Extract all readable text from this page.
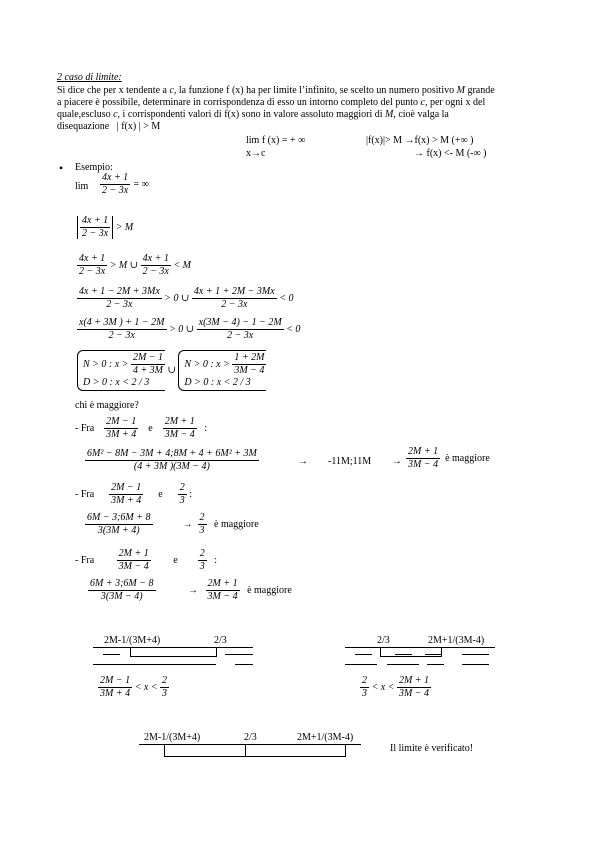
2 caso di limite:
Si dice che per x tendente a c, la funzione f (x) ha per limite l’infinito, se scelto un numero positivo M grande
a piacere è possibile, determinare in corrispondenza di esso un intorno completo del punto c, per ogni x del
quale,escluso c, i corrispondenti valori di f(x) sono in valore assoluto maggiori di M, cioè valga la
disequazione | f(x) | > M
lim f (x) = + ∞
x→c
|f(x)|> M →f(x) > M (+∞ )
→ f(x) <- M (-∞ )
• Esempio:
$\lim \frac{4x + 1}{2 - 3x}$ = ∞
$\frac{4x + 1}{2 - 3x} > M$
$\frac{4x + 1}{2 - 3x} > M$ ∪ $\frac{4x + 1}{2 - 3x} < M$
$\frac{4x + 1 - 2M + 3Mx}{2 - 3x} > 0$ ∪ $\frac{4x + 1 + 2M - 3Mx}{2 - 3x} < 0$
$\frac{x(4 + 3M ) + 1 - 2M}{2 - 3x} > 0$ ∪ $\frac{x(3M - 4) - 1 - 2M}{2 - 3x} < 0$
N > 0 : $x > \frac{2M - 1}{4 + 3M}$
D > 0 : x < 2 / 3
∪
N > 0 : $x > \frac{1 + 2M}{3M - 4}$
D > 0 : x < 2 / 3
chi è maggiore?
- Fra $\frac{2M - 1}{3M + 4}$ e $\frac{2M + 1}{3M - 4}$ :
$\frac{\text{6M² − 8M − 3M + 4;8M + 4 + 6M² + 3M}}{(4 + 3M )(3M - 4)}$	→ -11M;11M → $\frac{2M + 1}{3M - 4}$ è maggiore
- Fra $\frac{2M - 1}{3M + 4}$ e $\frac{2}{3}$ :
$\frac{6M - 3;6M + 8}{3(3M + 4)}$	→ $\frac{2}{3}$ è maggiore
- Fra $\frac{2M + 1}{3M - 4}$ e $\frac{2}{3}$ :
$\frac{6M + 3;6M - 8}{3(3M - 4)}$	→ $\frac{2M + 1}{3M - 4}$ è maggiore
2M-1/(3M+4)	2/3	2/3	2M+1/(3M-4)
$\frac{2M - 1}{3M + 4} < x < \frac{2}{3}$	$\frac{2}{3} < x < \frac{2M + 1}{3M - 4}$
2M-1/(3M+4)	2/3	2M+1/(3M-4)
Il limite è verificato!
